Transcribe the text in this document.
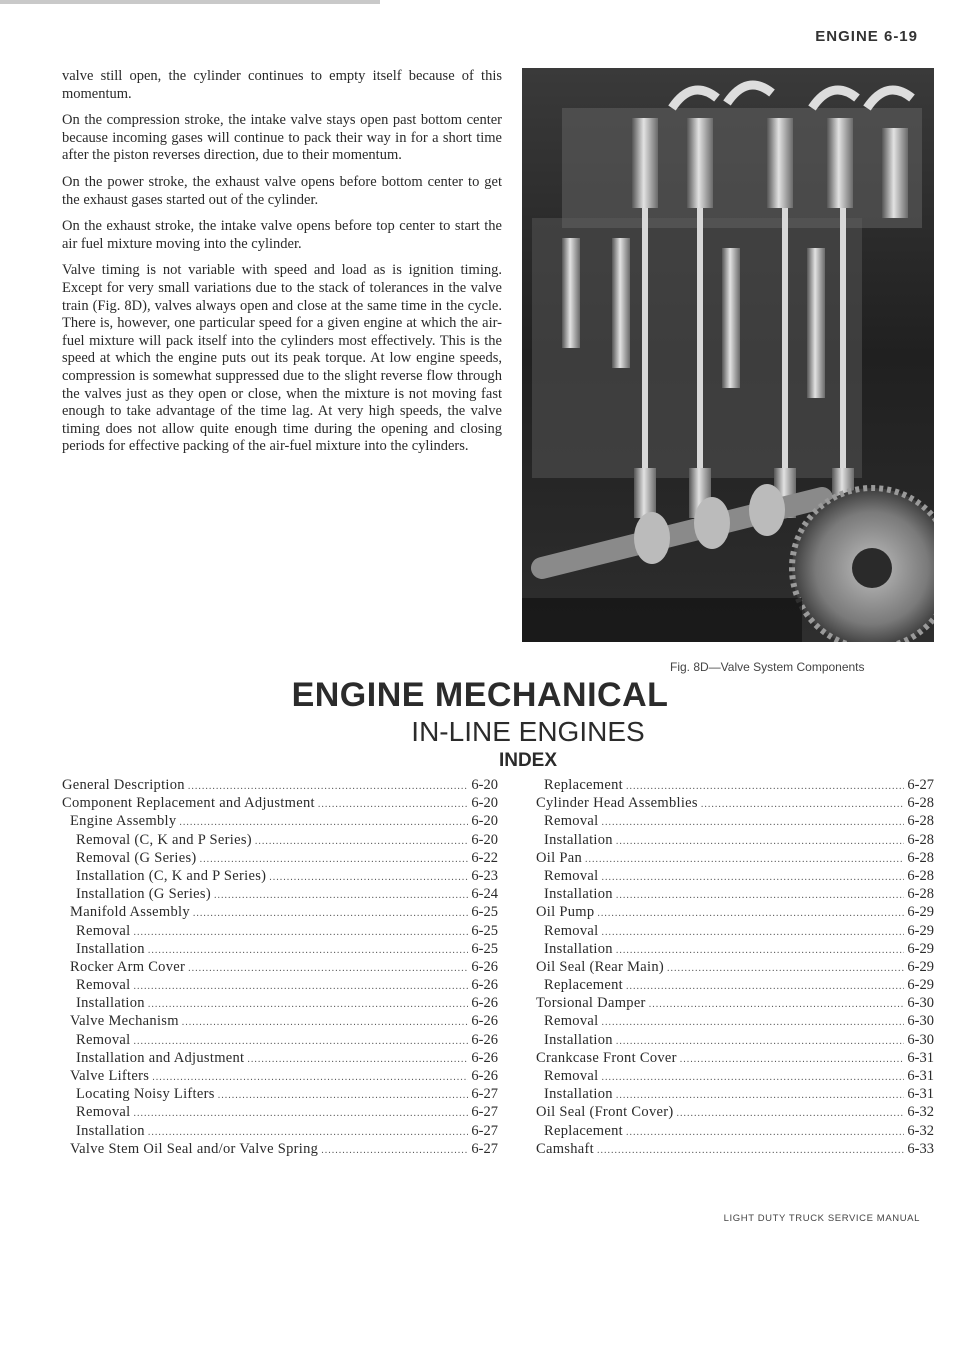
ENGINE 6-19

valve still open, the cylinder continues to empty itself because of this momentum.

On the compression stroke, the intake valve stays open past bottom center because incoming gases will continue to pack their way in for a short time after the piston reverses direction, due to their momentum.

On the power stroke, the exhaust valve opens before bottom center to get the exhaust gases started out of the cylinder.

On the exhaust stroke, the intake valve opens before top center to start the air fuel mixture moving into the cylinder.

Valve timing is not variable with speed and load as is ignition timing. Except for very small variations due to the stack of tolerances in the valve train (Fig. 8D), valves always open and close at the same time in the cycle. There is, however, one particular speed for a given engine at which the air-fuel mixture will pack itself into the cylinders most effectively. This is the speed at which the engine puts out its peak torque. At low engine speeds, compression is somewhat suppressed due to the slight reverse flow through the valves just as they open or close, when the mixture is not moving fast enough to take advantage of the time lag. At very high speeds, the valve timing does not allow quite enough time during the opening and closing periods for effective packing of the air-fuel mixture into the cylinders.

Fig. 8D—Valve System Components
ENGINE MECHANICAL
IN-LINE ENGINES
INDEX
General Description .....	6-20
Component Replacement and Adjustment .....	6-20
Engine Assembly .....	6-20
Removal (C, K and P Series) .....	6-20
Removal (G Series) .....	6-22
Installation (C, K and P Series) .....	6-23
Installation (G Series) .....	6-24
Manifold Assembly .....	6-25
Removal .....	6-25
Installation .....	6-25
Rocker Arm Cover .....	6-26
Removal .....	6-26
Installation .....	6-26
Valve Mechanism .....	6-26
Removal .....	6-26
Installation and Adjustment .....	6-26
Valve Lifters .....	6-26
Locating Noisy Lifters .....	6-27
Removal .....	6-27
Installation .....	6-27
Valve Stem Oil Seal and/or Valve Spring .....	6-27
Replacement .....	6-27
Cylinder Head Assemblies .....	6-28
Removal .....	6-28
Installation .....	6-28
Oil Pan .....	6-28
Removal .....	6-28
Installation .....	6-28
Oil Pump .....	6-29
Removal .....	6-29
Installation .....	6-29
Oil Seal (Rear Main) .....	6-29
Replacement .....	6-29
Torsional Damper .....	6-30
Removal .....	6-30
Installation .....	6-30
Crankcase Front Cover .....	6-31
Removal .....	6-31
Installation .....	6-31
Oil Seal (Front Cover) .....	6-32
Replacement .....	6-32
Camshaft .....	6-33
LIGHT DUTY TRUCK SERVICE MANUAL
